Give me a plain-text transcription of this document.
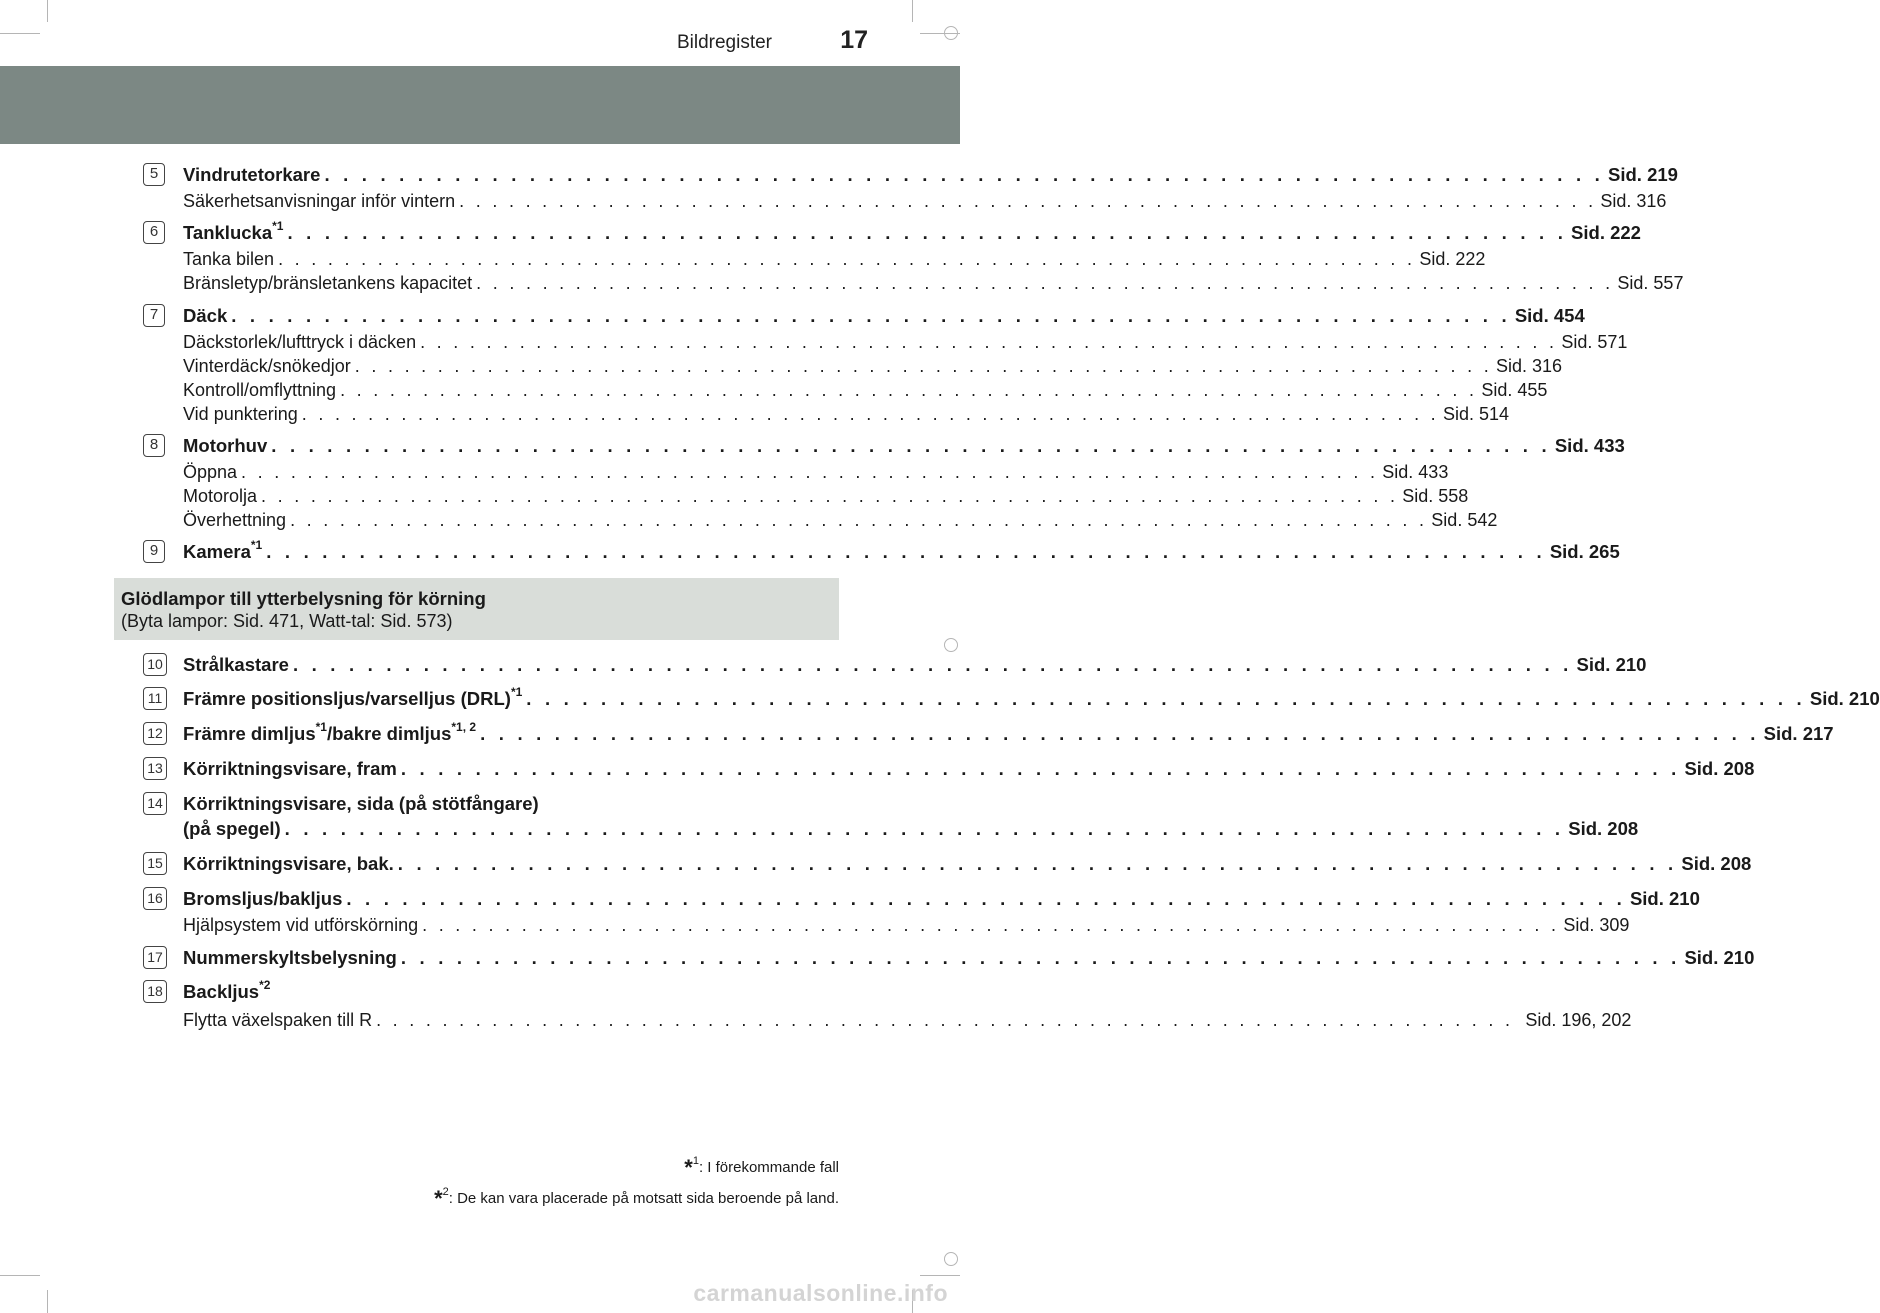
Bildregister	17
5	Vindrutetorkare . . . . . . . . . . . . . . . . . . . . . . . . . . . . . . . . . . . . . . . . . . . . . . . . . . . . . . . . . . . . . . . . . . . . . Sid. 219
Säkerhetsanvisningar inför vintern . . . . . . . . . . . . . . . . . . . . . . . . . . . . . . . . . . . . . . . . . . . . . . . . . . . . . . . . . . . . . . . . . . . . . Sid. 316
6	Tanklucka$^{*1}$ . . . . . . . . . . . . . . . . . . . . . . . . . . . . . . . . . . . . . . . . . . . . . . . . . . . . . . . . . . . . . . . . . . . . . Sid. 222
Tanka bilen . . . . . . . . . . . . . . . . . . . . . . . . . . . . . . . . . . . . . . . . . . . . . . . . . . . . . . . . . . . . . . . . . . . . . Sid. 222
Bränsletyp/bränsletankens kapacitet . . . . . . . . . . . . . . . . . . . . . . . . . . . . . . . . . . . . . . . . . . . . . . . . . . . . . . . . . . . . . . . . . . . . . Sid. 557
7	Däck . . . . . . . . . . . . . . . . . . . . . . . . . . . . . . . . . . . . . . . . . . . . . . . . . . . . . . . . . . . . . . . . . . . . . Sid. 454
Däckstorlek/lufttryck i däcken . . . . . . . . . . . . . . . . . . . . . . . . . . . . . . . . . . . . . . . . . . . . . . . . . . . . . . . . . . . . . . . . . . . . . Sid. 571
Vinterdäck/snökedjor . . . . . . . . . . . . . . . . . . . . . . . . . . . . . . . . . . . . . . . . . . . . . . . . . . . . . . . . . . . . . . . . . . . . . Sid. 316
Kontroll/omflyttning . . . . . . . . . . . . . . . . . . . . . . . . . . . . . . . . . . . . . . . . . . . . . . . . . . . . . . . . . . . . . . . . . . . . . Sid. 455
Vid punktering . . . . . . . . . . . . . . . . . . . . . . . . . . . . . . . . . . . . . . . . . . . . . . . . . . . . . . . . . . . . . . . . . . . . . Sid. 514
8	Motorhuv . . . . . . . . . . . . . . . . . . . . . . . . . . . . . . . . . . . . . . . . . . . . . . . . . . . . . . . . . . . . . . . . . . . . . Sid. 433
Öppna . . . . . . . . . . . . . . . . . . . . . . . . . . . . . . . . . . . . . . . . . . . . . . . . . . . . . . . . . . . . . . . . . . . . . Sid. 433
Motorolja . . . . . . . . . . . . . . . . . . . . . . . . . . . . . . . . . . . . . . . . . . . . . . . . . . . . . . . . . . . . . . . . . . . . . Sid. 558
Överhettning . . . . . . . . . . . . . . . . . . . . . . . . . . . . . . . . . . . . . . . . . . . . . . . . . . . . . . . . . . . . . . . . . . . . . Sid. 542
9	Kamera$^{*1}$ . . . . . . . . . . . . . . . . . . . . . . . . . . . . . . . . . . . . . . . . . . . . . . . . . . . . . . . . . . . . . . . . . . . . . Sid. 265
Glödlampor till ytterbelysning för körning
(Byta lampor: Sid. 471, Watt-tal: Sid. 573)
10 Strålkastare . . . . . . . . . . . . . . . . . . . . . . . . . . . . . . . . . . . . . . . . . . . . . . . . . . . . . . . . . . . . . . . . . . . . . Sid. 210
11 Främre positionsljus/varselljus (DRL)$^{*1}$ . . . . . . . . . . . . . . . . . . . . . . . . . . . . . . . . . . . . . . . . . . . . . . . . . . . . . . . . . . . . . . . . . . . . . Sid. 210
12 Främre dimljus$^{*1}$/bakre dimljus$^{*1, 2}$ . . . . . . . . . . . . . . . . . . . . . . . . . . . . . . . . . . . . . . . . . . . . . . . . . . . . . . . . . . . . . . . . . . . . . Sid. 217
13 Körriktningsvisare, fram . . . . . . . . . . . . . . . . . . . . . . . . . . . . . . . . . . . . . . . . . . . . . . . . . . . . . . . . . . . . . . . . . . . . . Sid. 208
14 Körriktningsvisare, sida (på stötfångare)
(på spegel) . . . . . . . . . . . . . . . . . . . . . . . . . . . . . . . . . . . . . . . . . . . . . . . . . . . . . . . . . . . . . . . . . . . . . Sid. 208
15 Körriktningsvisare, bak. . . . . . . . . . . . . . . . . . . . . . . . . . . . . . . . . . . . . . . . . . . . . . . . . . . . . . . . . . . . . . . . . . . . . . Sid. 208
16 Bromsljus/bakljus . . . . . . . . . . . . . . . . . . . . . . . . . . . . . . . . . . . . . . . . . . . . . . . . . . . . . . . . . . . . . . . . . . . . . Sid. 210
Hjälpsystem vid utförskörning . . . . . . . . . . . . . . . . . . . . . . . . . . . . . . . . . . . . . . . . . . . . . . . . . . . . . . . . . . . . . . . . . . . . . Sid. 309
17 Nummerskyltsbelysning . . . . . . . . . . . . . . . . . . . . . . . . . . . . . . . . . . . . . . . . . . . . . . . . . . . . . . . . . . . . . . . . . . . . . Sid. 210
18 Backljus$^{*2}$
Flytta växelspaken till R . . . . . . . . . . . . . . . . . . . . . . . . . . . . . . . . . . . . . . . . . . . . . . . . . . . . . . . . . . . . . . . . . . . . . Sid. 196, 202
*$^1$: I förekommande fall
*$^2$: De kan vara placerade på motsatt sida beroende på land.
carmanualsonline.info
